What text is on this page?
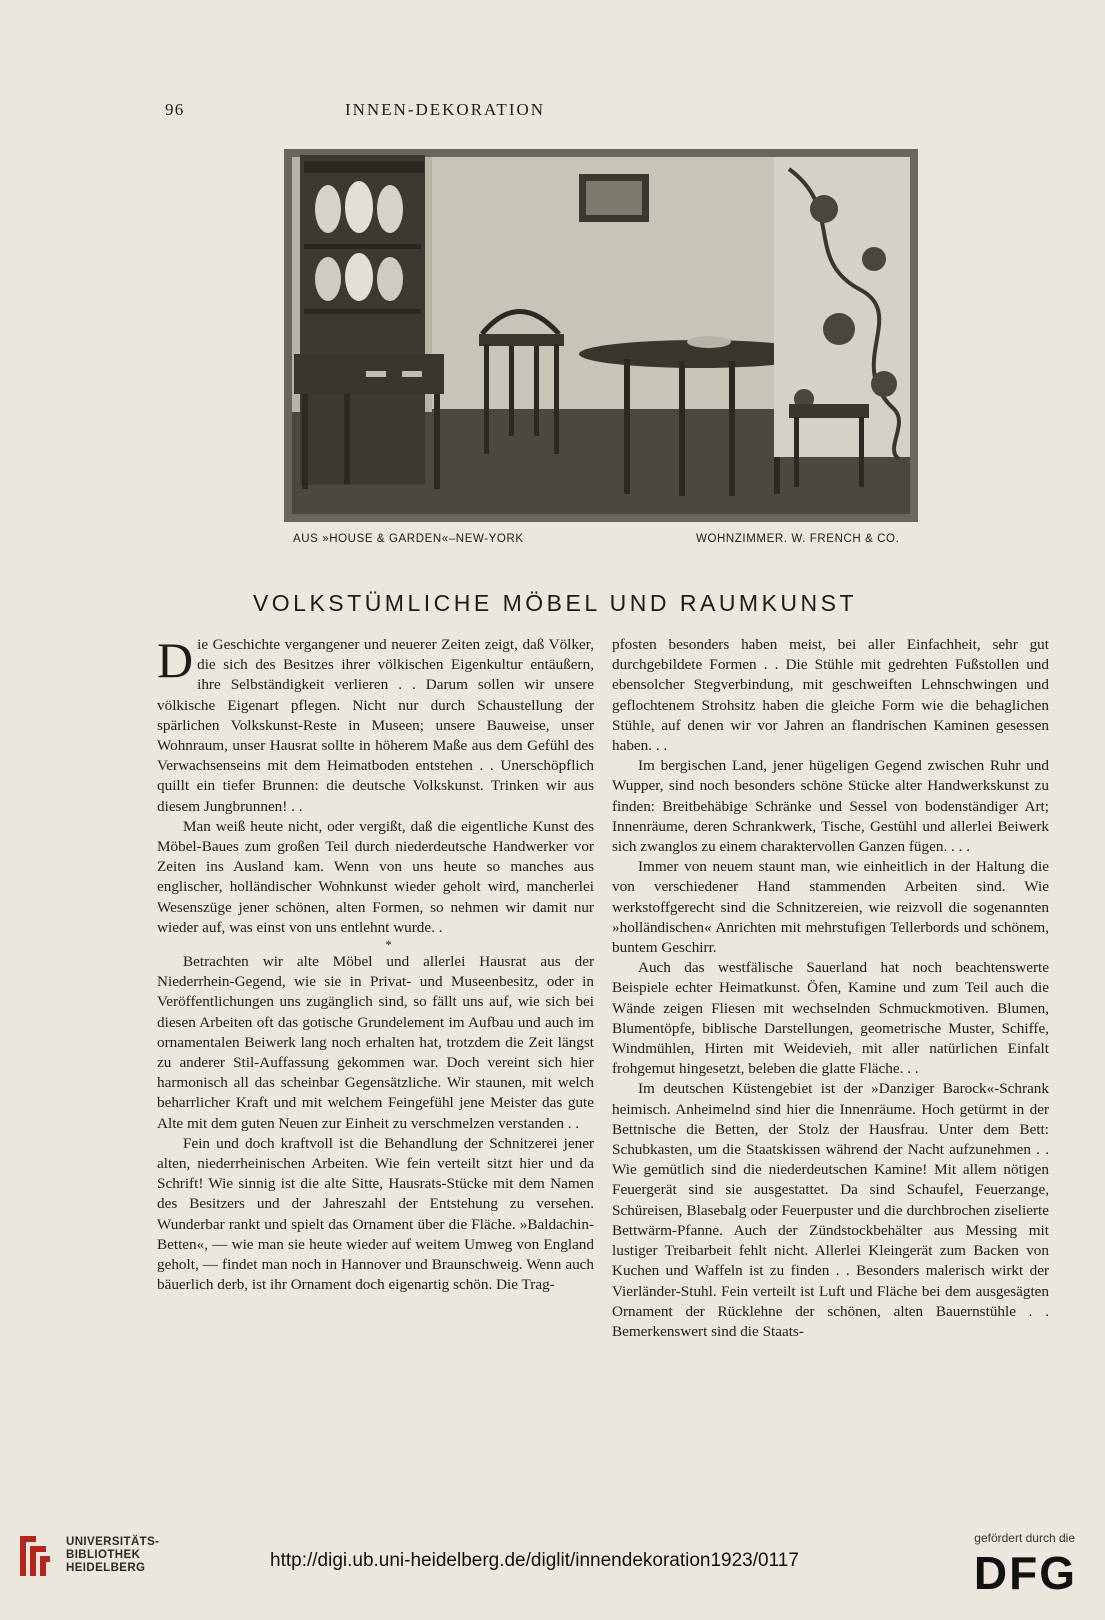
96	INNEN-DEKORATION
AUS »HOUSE & GARDEN«–NEW-YORK	WOHNZIMMER. W. FRENCH & CO.
VOLKSTÜMLICHE MÖBEL UND RAUMKUNST

Die Geschichte vergangener und neuerer Zeiten zeigt, daß Völker, die sich des Besitzes ihrer völkischen Eigenkultur entäußern, ihre Selbständigkeit verlieren . . Darum sollen wir unsere völkische Eigenart pflegen. Nicht nur durch Schaustellung der spärlichen Volkskunst-Reste in Museen; unsere Bauweise, unser Wohnraum, unser Hausrat sollte in höherem Maße aus dem Gefühl des Verwachsenseins mit dem Heimatboden entstehen . . Unerschöpflich quillt ein tiefer Brunnen: die deutsche Volkskunst. Trinken wir aus diesem Jungbrunnen! . .

Man weiß heute nicht, oder vergißt, daß die eigentliche Kunst des Möbel-Baues zum großen Teil durch niederdeutsche Handwerker vor Zeiten ins Ausland kam. Wenn von uns heute so manches aus englischer, holländischer Wohnkunst wieder geholt wird, mancherlei Wesenszüge jener schönen, alten Formen, so nehmen wir damit nur wieder auf, was einst von uns entlehnt wurde. .

*

Betrachten wir alte Möbel und allerlei Hausrat aus der Niederrhein-Gegend, wie sie in Privat- und Museenbesitz, oder in Veröffentlichungen uns zugänglich sind, so fällt uns auf, wie sich bei diesen Arbeiten oft das gotische Grundelement im Aufbau und auch im ornamentalen Beiwerk lang noch erhalten hat, trotzdem die Zeit längst zu anderer Stil-Auffassung gekommen war. Doch vereint sich hier harmonisch all das scheinbar Gegensätzliche. Wir staunen, mit welch beharrlicher Kraft und mit welchem Feingefühl jene Meister das gute Alte mit dem guten Neuen zur Einheit zu verschmelzen verstanden . .

Fein und doch kraftvoll ist die Behandlung der Schnitzerei jener alten, niederrheinischen Arbeiten. Wie fein verteilt sitzt hier und da Schrift! Wie sinnig ist die alte Sitte, Hausrats-Stücke mit dem Namen des Besitzers und der Jahreszahl der Entstehung zu versehen. Wunderbar rankt und spielt das Ornament über die Fläche. »Baldachin-Betten«, — wie man sie heute wieder auf weitem Umweg von England geholt, — findet man noch in Hannover und Braunschweig. Wenn auch bäuerlich derb, ist ihr Ornament doch eigenartig schön. Die Trag-

pfosten besonders haben meist, bei aller Einfachheit, sehr gut durchgebildete Formen . . Die Stühle mit gedrehten Fußstollen und ebensolcher Stegverbindung, mit geschweiften Lehnschwingen und geflochtenem Strohsitz haben die gleiche Form wie die behaglichen Stühle, auf denen wir vor Jahren an flandrischen Kaminen gesessen haben. . .

Im bergischen Land, jener hügeligen Gegend zwischen Ruhr und Wupper, sind noch besonders schöne Stücke alter Handwerkskunst zu finden: Breitbehäbige Schränke und Sessel von bodenständiger Art; Innenräume, deren Schrankwerk, Tische, Gestühl und allerlei Beiwerk sich zwanglos zu einem charaktervollen Ganzen fügen. . . .

Immer von neuem staunt man, wie einheitlich in der Haltung die von verschiedener Hand stammenden Arbeiten sind. Wie werkstoffgerecht sind die Schnitzereien, wie reizvoll die sogenannten »holländischen« Anrichten mit mehrstufigen Tellerbords und schönem, buntem Geschirr.

Auch das westfälische Sauerland hat noch beachtenswerte Beispiele echter Heimatkunst. Öfen, Kamine und zum Teil auch die Wände zeigen Fliesen mit wechselnden Schmuckmotiven. Blumen, Blumentöpfe, biblische Darstellungen, geometrische Muster, Schiffe, Windmühlen, Hirten mit Weidevieh, mit aller natürlichen Einfalt frohgemut hingesetzt, beleben die glatte Fläche. . .

Im deutschen Küstengebiet ist der »Danziger Barock«-Schrank heimisch. Anheimelnd sind hier die Innenräume. Hoch getürmt in der Bettnische die Betten, der Stolz der Hausfrau. Unter dem Bett: Schubkasten, um die Staatskissen während der Nacht aufzunehmen . . Wie gemütlich sind die niederdeutschen Kamine! Mit allem nötigen Feuergerät sind sie ausgestattet. Da sind Schaufel, Feuerzange, Schüreisen, Blasebalg oder Feuerpuster und die durchbrochen ziselierte Bettwärm-Pfanne. Auch der Zündstockbehälter aus Messing mit lustiger Treibarbeit fehlt nicht. Allerlei Kleingerät zum Backen von Kuchen und Waffeln ist zu finden . . Besonders malerisch wirkt der Vierländer-Stuhl. Fein verteilt ist Luft und Fläche bei dem ausgesägten Ornament der Rücklehne der schönen, alten Bauernstühle . . Bemerkenswert sind die Staats-

UNIVERSITÄTS-
BIBLIOTHEK
HEIDELBERG	http://digi.ub.uni-heidelberg.de/diglit/innendekoration1923/0117
gefördert durch die
DFG
